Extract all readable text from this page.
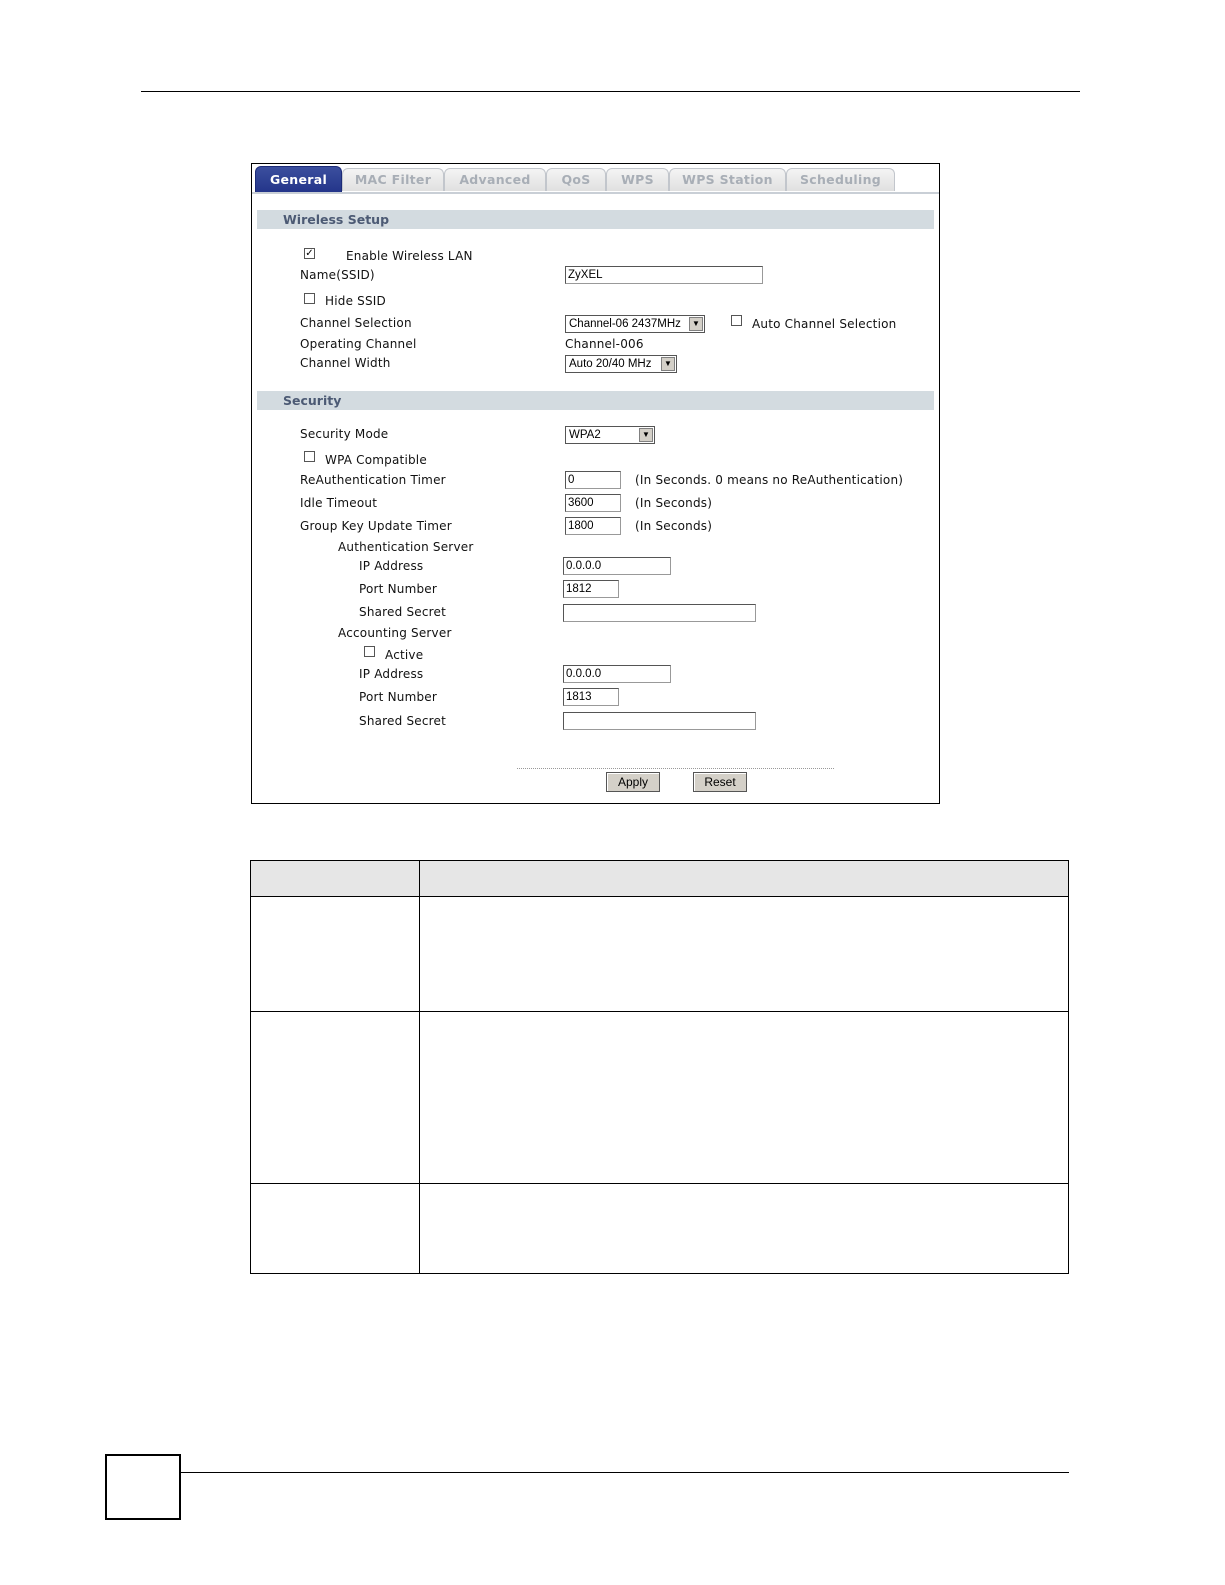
General	MAC Filter	Advanced	QoS	WPS	WPS Station	Scheduling
Wireless Setup
✓	Enable Wireless LAN
Name(SSID)	ZyXEL
Hide SSID
Channel Selection	Channel-06 2437MHz	▼	Auto Channel Selection
Operating Channel	Channel-006
Channel Width	Auto 20/40 MHz	▼
Security
Security Mode	WPA2	▼
WPA Compatible
ReAuthentication Timer	0	(In Seconds. 0 means no ReAuthentication)
Idle Timeout	3600	(In Seconds)
Group Key Update Timer	1800	(In Seconds)
Authentication Server
IP Address	0.0.0.0
Port Number	1812
Shared Secret
Accounting Server
Active
IP Address	0.0.0.0
Port Number	1813
Shared Secret
Apply	Reset
